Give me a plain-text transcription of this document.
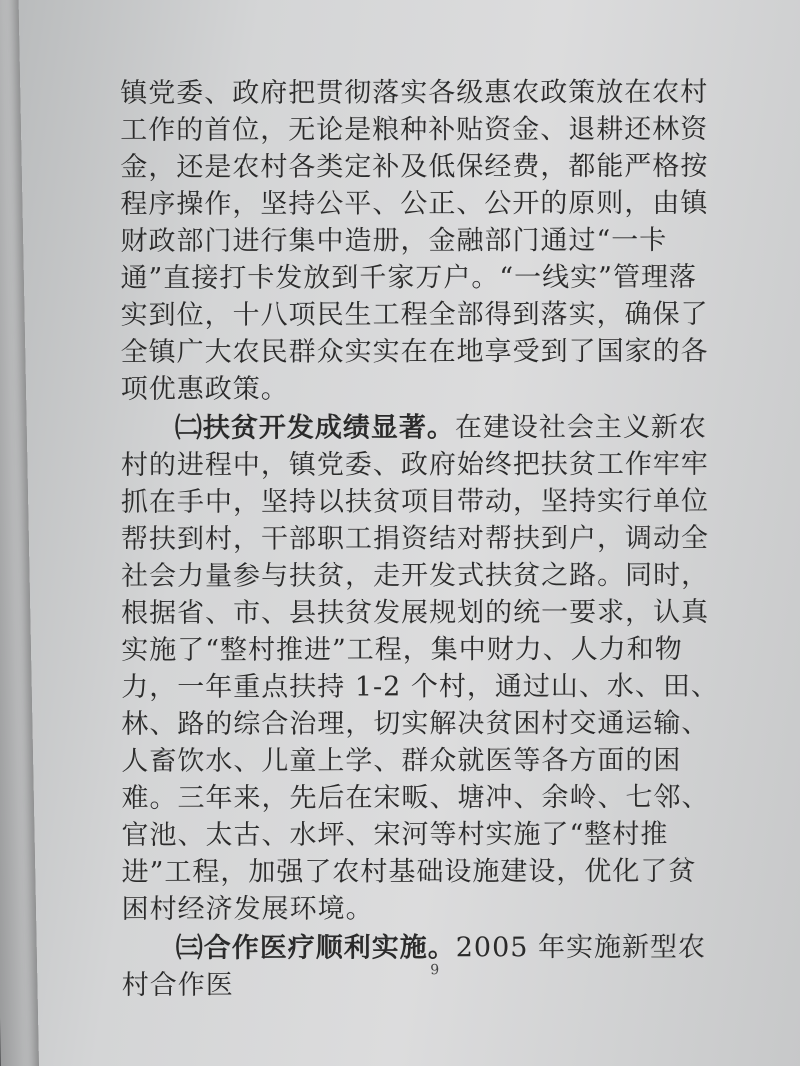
镇党委、政府把贯彻落实各级惠农政策放在农村工作的首位，无论是粮种补贴资金、退耕还林资金，还是农村各类定补及低保经费，都能严格按程序操作，坚持公平、公正、公开的原则，由镇财政部门进行集中造册，金融部门通过“一卡通”直接打卡发放到千家万户。“一线实”管理落实到位，十八项民生工程全部得到落实，确保了全镇广大农民群众实实在在地享受到了国家的各项优惠政策。

㈡扶贫开发成绩显著。在建设社会主义新农村的进程中，镇党委、政府始终把扶贫工作牢牢抓在手中，坚持以扶贫项目带动，坚持实行单位帮扶到村，干部职工捐资结对帮扶到户，调动全社会力量参与扶贫，走开发式扶贫之路。同时，根据省、市、县扶贫发展规划的统一要求，认真实施了“整村推进”工程，集中财力、人力和物力，一年重点扶持 1-2 个村，通过山、水、田、林、路的综合治理，切实解决贫困村交通运输、人畜饮水、儿童上学、群众就医等各方面的困难。三年来，先后在宋畈、塘冲、余岭、七邻、官池、太古、水坪、宋河等村实施了“整村推进”工程，加强了农村基础设施建设，优化了贫困村经济发展环境。

㈢合作医疗顺利实施。2005 年实施新型农村合作医	9
